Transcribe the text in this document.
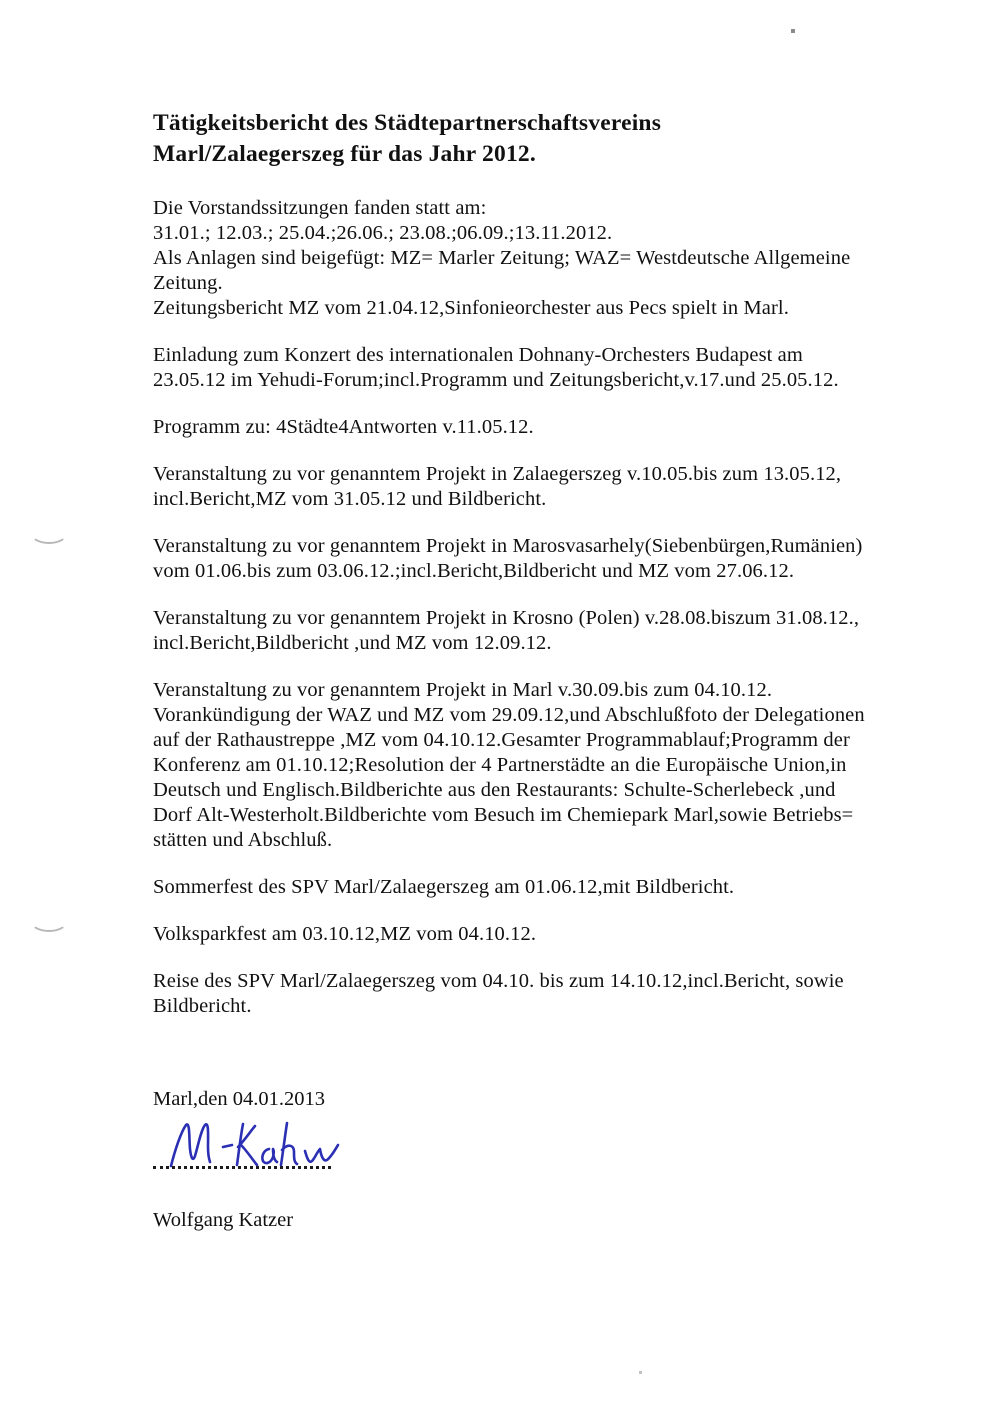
Tätigkeitsbericht des Städtepartnerschaftsvereins
Marl/Zalaegerszeg für das Jahr 2012.
Die Vorstandssitzungen fanden statt am:
31.01.; 12.03.; 25.04.;26.06.; 23.08.;06.09.;13.11.2012.
Als Anlagen sind beigefügt: MZ= Marler Zeitung; WAZ= Westdeutsche Allgemeine
Zeitung.
Zeitungsbericht MZ vom 21.04.12,Sinfonieorchester aus Pecs spielt in Marl.
Einladung zum Konzert des internationalen Dohnany-Orchesters Budapest am
23.05.12 im Yehudi-Forum;incl.Programm und Zeitungsbericht,v.17.und 25.05.12.
Programm zu: 4Städte4Antworten v.11.05.12.
Veranstaltung zu vor genanntem Projekt in Zalaegerszeg v.10.05.bis zum 13.05.12,
incl.Bericht,MZ vom 31.05.12 und Bildbericht.
Veranstaltung zu vor genanntem Projekt in Marosvasarhely(Siebenbürgen,Rumänien)
vom 01.06.bis zum 03.06.12.;incl.Bericht,Bildbericht und MZ vom 27.06.12.
Veranstaltung zu vor genanntem Projekt in Krosno (Polen) v.28.08.biszum 31.08.12.,
incl.Bericht,Bildbericht ,und MZ vom 12.09.12.
Veranstaltung zu vor genanntem Projekt in Marl v.30.09.bis zum 04.10.12.
Vorankündigung der WAZ und MZ vom 29.09.12,und Abschlußfoto der Delegationen
auf der Rathaustreppe ,MZ vom 04.10.12.Gesamter Programmablauf;Programm der
Konferenz am 01.10.12;Resolution der 4 Partnerstädte an die Europäische Union,in
Deutsch und Englisch.Bildberichte aus den Restaurants: Schulte-Scherlebeck ,und
Dorf Alt-Westerholt.Bildberichte vom Besuch im Chemiepark Marl,sowie Betriebs=
stätten und Abschluß.
Sommerfest des SPV Marl/Zalaegerszeg am 01.06.12,mit Bildbericht.
Volksparkfest am 03.10.12,MZ vom 04.10.12.
Reise des SPV Marl/Zalaegerszeg vom 04.10. bis zum 14.10.12,incl.Bericht, sowie
Bildbericht.
Marl,den 04.01.2013
Wolfgang Katzer
